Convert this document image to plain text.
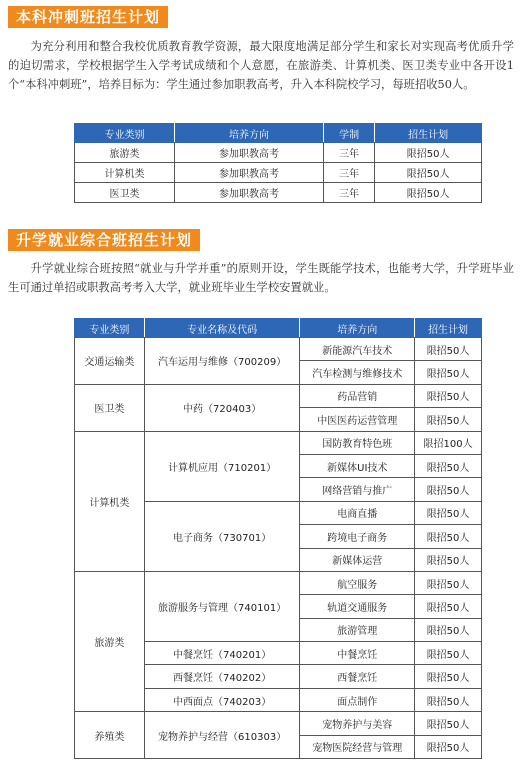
本科冲刺班招生计划

为充分利用和整合我校优质教育教学资源，最大限度地满足部分学生和家长对实现高考优质升学的迫切需求，学校根据学生入学考试成绩和个人意愿，在旅游类、计算机类、医卫类专业中各开设1个“本科冲刺班”，培养目标为：学生通过参加职教高考，升入本科院校学习，每班招收50人。

专业类别	培养方向	学制	招生计划
旅游类	参加职教高考	三年	限招50人
计算机类	参加职教高考	三年	限招50人
医卫类	参加职教高考	三年	限招50人
升学就业综合班招生计划

升学就业综合班按照“就业与升学并重”的原则开设，学生既能学技术，也能考大学，升学班毕业生可通过单招或职教高考考入大学，就业班毕业生学校安置就业。

专业类别	专业名称及代码	培养方向	招生计划
交通运输类	汽车运用与维修（700209）	新能源汽车技术	限招50人
		汽车检测与维修技术	限招50人
医卫类	中药（720403）	药品营销	限招50人
		中医医药运营管理	限招50人
计算机类	计算机应用（710201）	国防教育特色班	限招100人
		新媒体UI技术	限招50人
		网络营销与推广	限招50人
	电子商务（730701）	电商直播	限招50人
		跨境电子商务	限招50人
		新媒体运营	限招50人
旅游类	旅游服务与管理（740101）	航空服务	限招50人
		轨道交通服务	限招50人
		旅游管理	限招50人
	中餐烹饪（740201）	中餐烹饪	限招50人
	西餐烹饪（740202）	西餐烹饪	限招50人
	中西面点（740203）	面点制作	限招50人
养殖类	宠物养护与经营（610303）	宠物养护与美容	限招50人
		宠物医院经营与管理	限招50人
